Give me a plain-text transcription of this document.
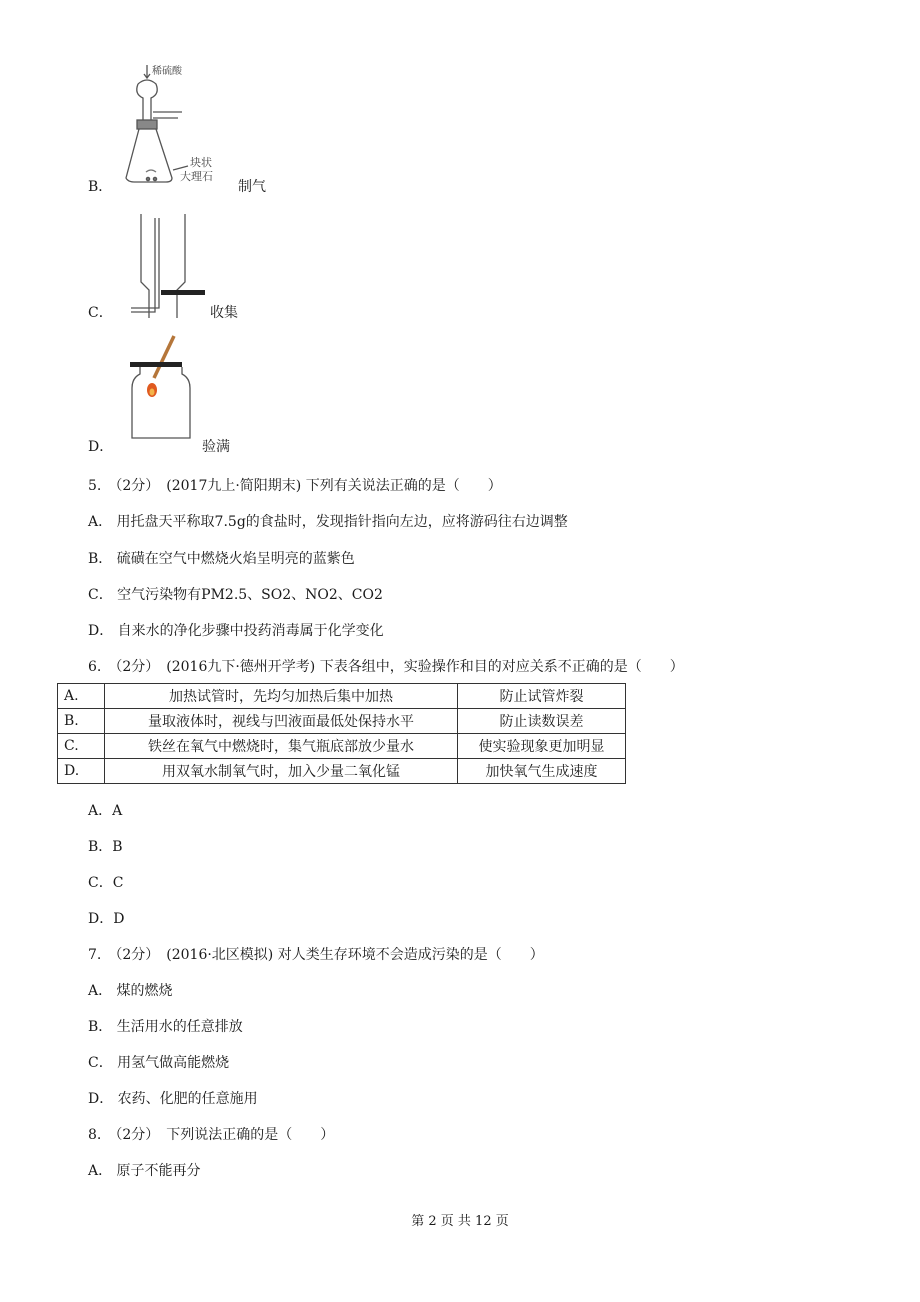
B．
稀硫酸
块状
大理石
制气
C．	收集
D．	验满
5.　（2分）　(2017九上·简阳期末) 下列有关说法正确的是（　　）
A． 用托盘天平称取7.5g的食盐时，发现指针指向左边，应将游码往右边调整
B． 硫磺在空气中燃烧火焰呈明亮的蓝紫色
C． 空气污染物有PM2.5、SO2、NO2、CO2
D． 自来水的净化步骤中投药消毒属于化学变化
6.　（2分）　(2016九下·德州开学考) 下表各组中，实验操作和目的对应关系不正确的是（　　）
A.	加热试管时，先均匀加热后集中加热	防止试管炸裂
B.	量取液体时，视线与凹液面最低处保持水平	防止读数误差
C.	铁丝在氧气中燃烧时，集气瓶底部放少量水	使实验现象更加明显
D.	用双氧水制氧气时，加入少量二氧化锰	加快氧气生成速度
A．A
B．B
C．C
D．D
7.　（2分）　(2016·北区模拟) 对人类生存环境不会造成污染的是（　　）
A． 煤的燃烧
B． 生活用水的任意排放
C． 用氢气做高能燃烧
D． 农药、化肥的任意施用
8.　（2分）　下列说法正确的是（　　）
A． 原子不能再分
第 2 页 共 12 页
